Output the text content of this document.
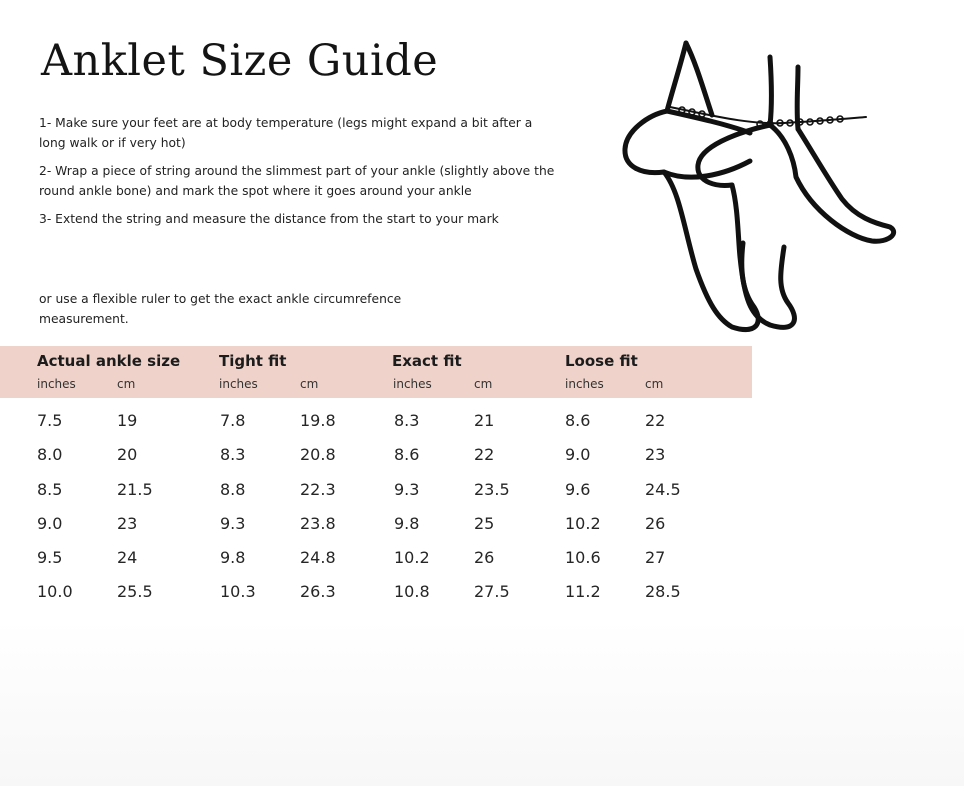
Anklet Size Guide

1- Make sure your feet are at body temperature (legs might expand a bit after a long walk or if very hot)

2- Wrap a piece of string around the slimmest part of your ankle (slightly above the round ankle bone) and mark the spot where it goes around your ankle

3- Extend the string and measure the distance from the start to your mark

or use a flexible ruler to get the exact ankle circumrefence measurement.
Actual ankle size	Tight fit	Exact fit	Loose fit
inches	cm	inches	cm	inches	cm	inches	cm
7.5	19	7.8	19.8	8.3	21	8.6	22
8.0	20	8.3	20.8	8.6	22	9.0	23
8.5	21.5	8.8	22.3	9.3	23.5	9.6	24.5
9.0	23	9.3	23.8	9.8	25	10.2	26
9.5	24	9.8	24.8	10.2	26	10.6	27
10.0	25.5	10.3	26.3	10.8	27.5	11.2	28.5
